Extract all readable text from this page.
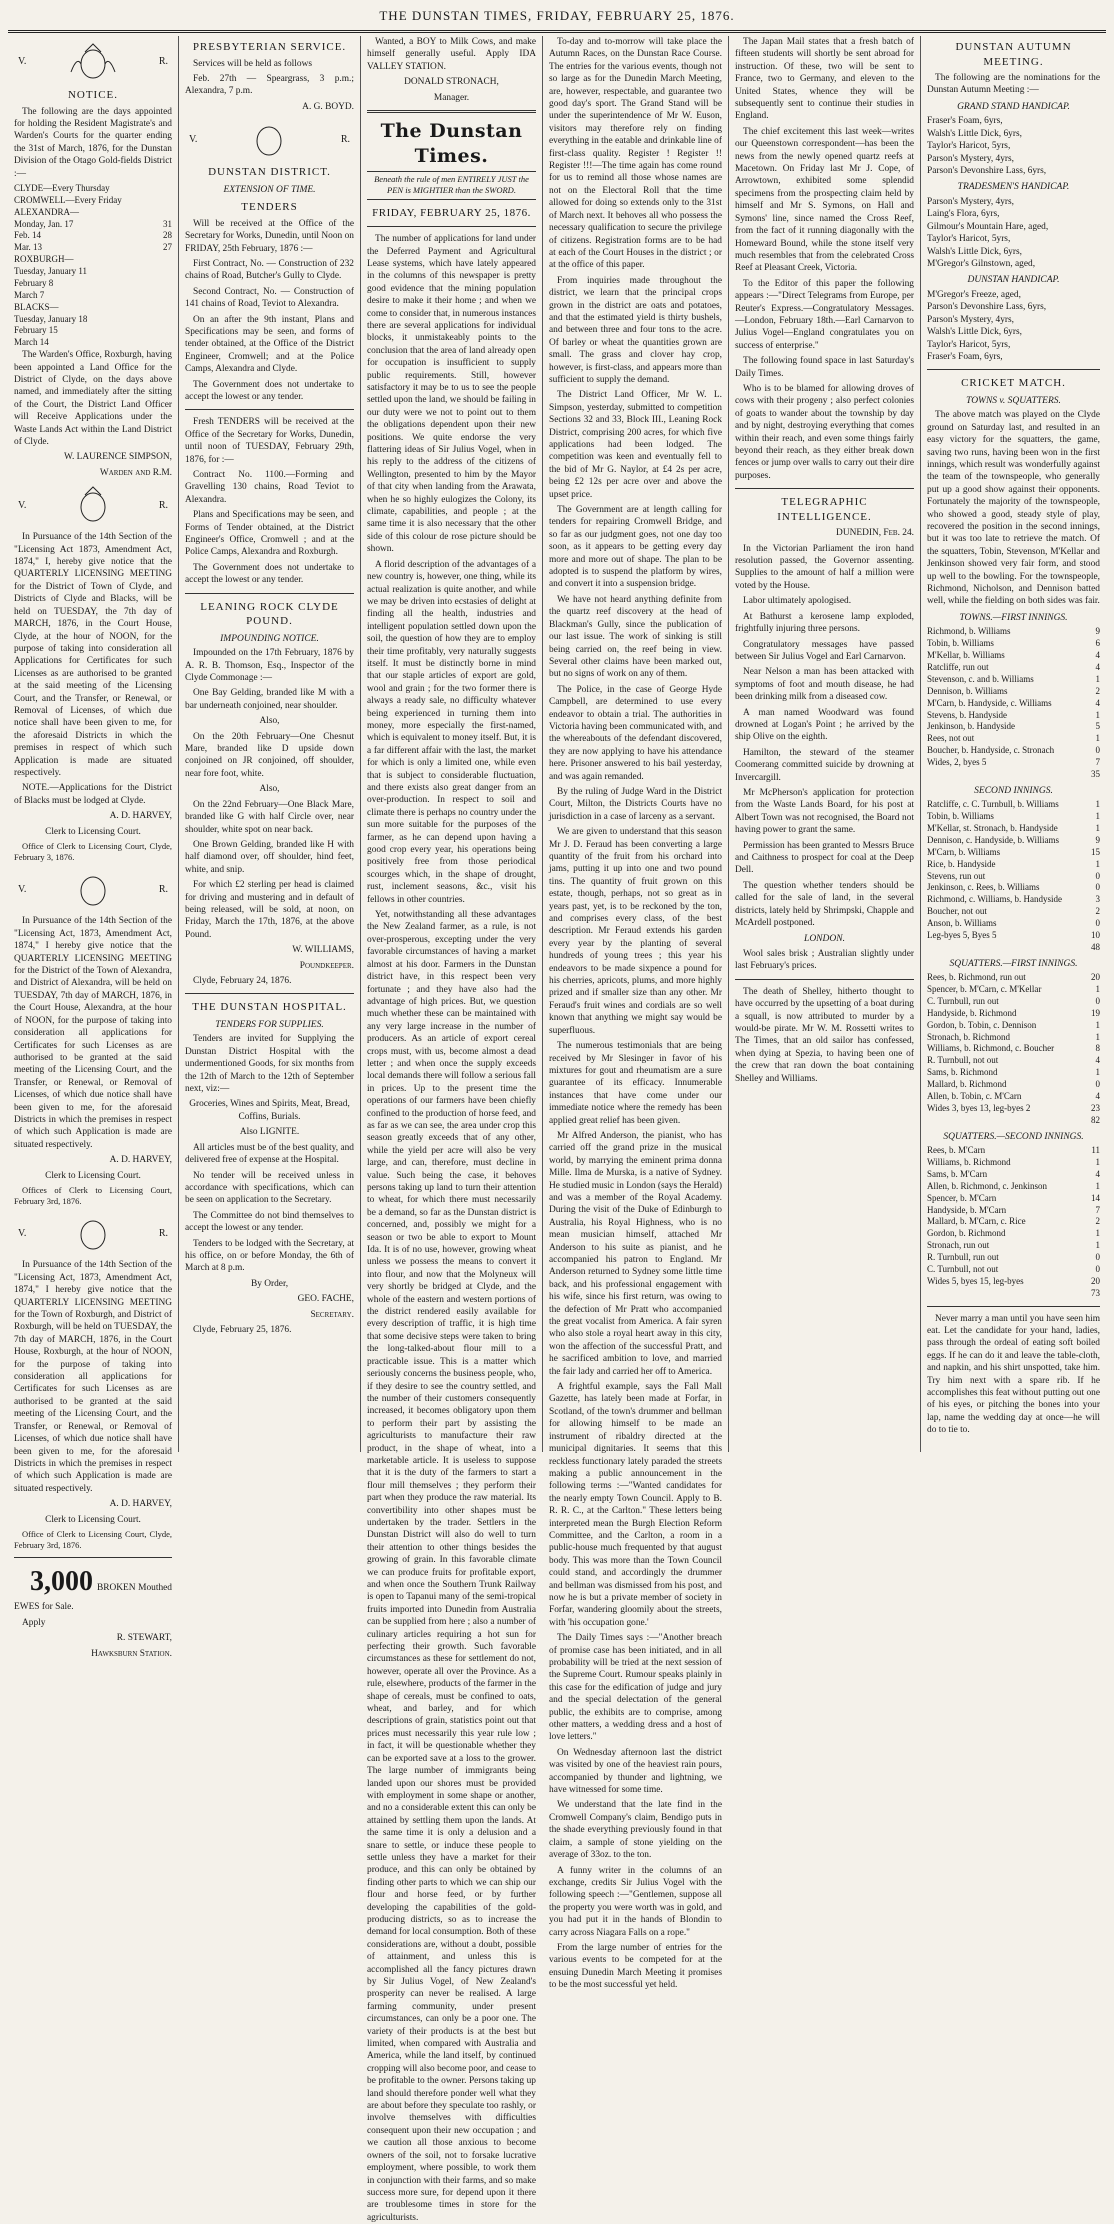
THE DUNSTAN TIMES, FRIDAY, FEBRUARY 25, 1876.
V.	R.
NOTICE.

The following are the days appointed for holding the Resident Magistrate's and Warden's Courts for the quarter ending the 31st of March, 1876, for the Dunstan Division of the Otago Gold-fields District :—

CLYDE—Every Thursday	
CROMWELL—Every Friday	
ALEXANDRA—	
Monday, Jan. 17	31
Feb. 14	28
Mar. 13	27
ROXBURGH—	
Tuesday, January 11	
February 8	
March 7	
BLACKS—	
Tuesday, January 18	
February 15	
March 14	

The Warden's Office, Roxburgh, having been appointed a Land Office for the District of Clyde, on the days above named, and immediately after the sitting of the Court, the District Land Officer will Receive Applications under the Waste Lands Act within the Land District of Clyde.

W. LAURENCE SIMPSON,

Warden and R.M.

V.	R.

In Pursuance of the 14th Section of the "Licensing Act 1873, Amendment Act, 1874," I, hereby give notice that the QUARTERLY LICENSING MEETING for the District of Town of Clyde, and Districts of Clyde and Blacks, will be held on TUESDAY, the 7th day of MARCH, 1876, in the Court House, Clyde, at the hour of NOON, for the purpose of taking into consideration all Applications for Certificates for such Licenses as are authorised to be granted at the said meeting of the Licensing Court, and the Transfer, or Renewal, or Removal of Licenses, of which due notice shall have been given to me, for the aforesaid Districts in which the premises in respect of which such Application is made are situated respectively.

NOTE.—Applications for the District of Blacks must be lodged at Clyde.

A. D. HARVEY,

Clerk to Licensing Court.

Office of Clerk to Licensing Court, Clyde, February 3, 1876.

V.	R.

In Pursuance of the 14th Section of the "Licensing Act, 1873, Amendment Act, 1874," I hereby give notice that the QUARTERLY LICENSING MEETING for the District of the Town of Alexandra, and District of Alexandra, will be held on TUESDAY, 7th day of MARCH, 1876, in the Court House, Alexandra, at the hour of NOON, for the purpose of taking into consideration all applications for Certificates for such Licenses as are authorised to be granted at the said meeting of the Licensing Court, and the Transfer, or Renewal, or Removal of Licenses, of which due notice shall have been given to me, for the aforesaid Districts in which the premises in respect of which such Application is made are situated respectively.

A. D. HARVEY,

Clerk to Licensing Court.

Offices of Clerk to Licensing Court, February 3rd, 1876.

V.	R.

In Pursuance of the 14th Section of the "Licensing Act, 1873, Amendment Act, 1874," I hereby give notice that the QUARTERLY LICENSING MEETING for the Town of Roxburgh, and District of Roxburgh, will be held on TUESDAY, the 7th day of MARCH, 1876, in the Court House, Roxburgh, at the hour of NOON, for the purpose of taking into consideration all applications for Certificates for such Licenses as are authorised to be granted at the said meeting of the Licensing Court, and the Transfer, or Renewal, or Removal of Licenses, of which due notice shall have been given to me, for the aforesaid Districts in which the premises in respect of which such Application is made are situated respectively.

A. D. HARVEY,

Clerk to Licensing Court.

Office of Clerk to Licensing Court, Clyde, February 3rd, 1876.

3,000 BROKEN Mouthed EWES for Sale.

Apply

R. STEWART,

Hawksburn Station.

PRESBYTERIAN SERVICE.

Services will be held as follows

Feb. 27th — Speargrass, 3 p.m.; Alexandra, 7 p.m.

A. G. BOYD.

V.	R.
DUNSTAN DISTRICT.
EXTENSION OF TIME.
TENDERS

Will be received at the Office of the Secretary for Works, Dunedin, until Noon on FRIDAY, 25th February, 1876 :—

First Contract, No. — Construction of 232 chains of Road, Butcher's Gully to Clyde.

Second Contract, No. — Construction of 141 chains of Road, Teviot to Alexandra.

On an after the 9th instant, Plans and Specifications may be seen, and forms of tender obtained, at the Office of the District Engineer, Cromwell; and at the Police Camps, Alexandra and Clyde.

The Government does not undertake to accept the lowest or any tender.

Fresh TENDERS will be received at the Office of the Secretary for Works, Dunedin, until noon of TUESDAY, February 29th, 1876, for :—

Contract No. 1100.—Forming and Gravelling 130 chains, Road Teviot to Alexandra.

Plans and Specifications may be seen, and Forms of Tender obtained, at the District Engineer's Office, Cromwell ; and at the Police Camps, Alexandra and Roxburgh.

The Government does not undertake to accept the lowest or any tender.

LEANING ROCK CLYDE POUND.
IMPOUNDING NOTICE.

Impounded on the 17th February, 1876 by A. R. B. Thomson, Esq., Inspector of the Clyde Commonage :—

One Bay Gelding, branded like M with a bar underneath conjoined, near shoulder.

Also,

On the 20th February—One Chesnut Mare, branded like D upside down conjoined on JR conjoined, off shoulder, near fore foot, white.

Also,

On the 22nd February—One Black Mare, branded like G with half Circle over, near shoulder, white spot on near back.

One Brown Gelding, branded like H with half diamond over, off shoulder, hind feet, white, and snip.

For which £2 sterling per head is claimed for driving and mustering and in default of being released, will be sold, at noon, on Friday, March the 17th, 1876, at the above Pound.

W. WILLIAMS,

Poundkeeper.

Clyde, February 24, 1876.

THE DUNSTAN HOSPITAL.
TENDERS FOR SUPPLIES.

Tenders are invited for Supplying the Dunstan District Hospital with the undermentioned Goods, for six months from the 12th of March to the 12th of September next, viz:—

Groceries, Wines and Spirits, Meat, Bread, Coffins, Burials.

Also LIGNITE.

All articles must be of the best quality, and delivered free of expense at the Hospital.

No tender will be received unless in accordance with specifications, which can be seen on application to the Secretary.

The Committee do not bind themselves to accept the lowest or any tender.

Tenders to be lodged with the Secretary, at his office, on or before Monday, the 6th of March at 8 p.m.

By Order,

GEO. FACHE,

Secretary.

Clyde, February 25, 1876.

Wanted, a BOY to Milk Cows, and make himself generally useful. Apply IDA VALLEY STATION.

DONALD STRONACH,

Manager.

The Dunstan Times.
Beneath the rule of men ENTIRELY JUST the PEN is MIGHTIER than the SWORD.
FRIDAY, FEBRUARY 25, 1876.

The number of applications for land under the Deferred Payment and Agricultural Lease systems, which have lately appeared in the columns of this newspaper is pretty good evidence that the mining population desire to make it their home ; and when we come to consider that, in numerous instances there are several applications for individual blocks, it unmistakeably points to the conclusion that the area of land already open for occupation is insufficient to supply public requirements. Still, however satisfactory it may be to us to see the people settled upon the land, we should be failing in our duty were we not to point out to them the obligations dependent upon their new positions. We quite endorse the very flattering ideas of Sir Julius Vogel, when in his reply to the address of the citizens of Wellington, presented to him by the Mayor of that city when landing from the Arawata, when he so highly eulogizes the Colony, its climate, capabilities, and people ; at the same time it is also necessary that the other side of this colour de rose picture should be shown.

A florid description of the advantages of a new country is, however, one thing, while its actual realization is quite another, and while we may be driven into ecstasies of delight at finding all the health, industries and intelligent population settled down upon the soil, the question of how they are to employ their time profitably, very naturally suggests itself. It must be distinctly borne in mind that our staple articles of export are gold, wool and grain ; for the two former there is always a ready sale, no difficulty whatever being experienced in turning them into money, more especially the first-named, which is equivalent to money itself. But, it is a far different affair with the last, the market for which is only a limited one, while even that is subject to considerable fluctuation, and there exists also great danger from an over-production. In respect to soil and climate there is perhaps no country under the sun more suitable for the purposes of the farmer, as he can depend upon having a good crop every year, his operations being positively free from those periodical scourges which, in the shape of drought, rust, inclement seasons, &c., visit his fellows in other countries.

Yet, notwithstanding all these advantages the New Zealand farmer, as a rule, is not over-prosperous, excepting under the very favorable circumstances of having a market almost at his door. Farmers in the Dunstan district have, in this respect been very fortunate ; and they have also had the advantage of high prices. But, we question much whether these can be maintained with any very large increase in the number of producers. As an article of export cereal crops must, with us, become almost a dead letter ; and when once the supply exceeds local demands there will follow a serious fall in prices. Up to the present time the operations of our farmers have been chiefly confined to the production of horse feed, and as far as we can see, the area under crop this season greatly exceeds that of any other, while the yield per acre will also be very large, and can, therefore, must decline in value. Such being the case, it behoves persons taking up land to turn their attention to wheat, for which there must necessarily be a demand, so far as the Dunstan district is concerned, and, possibly we might for a season or two be able to export to Mount Ida. It is of no use, however, growing wheat unless we possess the means to convert it into flour, and now that the Molyneux will very shortly be bridged at Clyde, and the whole of the eastern and western portions of the district rendered easily available for every description of traffic, it is high time that some decisive steps were taken to bring the long-talked-about flour mill to a practicable issue. This is a matter which seriously concerns the business people, who, if they desire to see the country settled, and the number of their customers consequently increased, it becomes obligatory upon them to perform their part by assisting the agriculturists to manufacture their raw product, in the shape of wheat, into a marketable article. It is useless to suppose that it is the duty of the farmers to start a flour mill themselves ; they perform their part when they produce the raw material. Its convertibility into other shapes must be undertaken by the trader. Settlers in the Dunstan District will also do well to turn their attention to other things besides the growing of grain. In this favorable climate we can produce fruits for profitable export, and when once the Southern Trunk Railway is open to Tapanui many of the semi-tropical fruits imported into Dunedin from Australia can be supplied from here ; also a number of culinary articles requiring a hot sun for perfecting their growth. Such favorable circumstances as these for settlement do not, however, operate all over the Province. As a rule, elsewhere, products of the farmer in the shape of cereals, must be confined to oats, wheat, and barley, and for which descriptions of grain, statistics point out that prices must necessarily this year rule low ; in fact, it will be questionable whether they can be exported save at a loss to the grower. The large number of immigrants being landed upon our shores must be provided with employment in some shape or another, and no a considerable extent this can only be attained by settling them upon the lands. At the same time it is only a delusion and a snare to settle, or induce these people to settle unless they have a market for their produce, and this can only be obtained by finding other parts to which we can ship our flour and horse feed, or by further developing the capabilities of the gold-producing districts, so as to increase the demand for local consumption. Both of these considerations are, without a doubt, possible of attainment, and unless this is accomplished all the fancy pictures drawn by Sir Julius Vogel, of New Zealand's prosperity can never be realised. A large farming community, under present circumstances, can only be a poor one. The variety of their products is at the best but limited, when compared with Australia and America, while the land itself, by continued cropping will also become poor, and cease to be profitable to the owner. Persons taking up land should therefore ponder well what they are about before they speculate too rashly, or involve themselves with difficulties consequent upon their new occupation ; and we caution all those anxious to become owners of the soil, not to forsake lucrative employment, where possible, to work them in conjunction with their farms, and so make success more sure, for depend upon it there are troublesome times in store for the agriculturists.

To-day and to-morrow will take place the Autumn Races, on the Dunstan Race Course. The entries for the various events, though not so large as for the Dunedin March Meeting, are, however, respectable, and guarantee two good day's sport. The Grand Stand will be under the superintendence of Mr W. Euson, visitors may therefore rely on finding everything in the eatable and drinkable line of first-class quality. Register ! Register !! Register !!!—The time again has come round for us to remind all those whose names are not on the Electoral Roll that the time allowed for doing so extends only to the 31st of March next. It behoves all who possess the necessary qualification to secure the privilege of citizens. Registration forms are to be had at each of the Court Houses in the district ; or at the office of this paper.

From inquiries made throughout the district, we learn that the principal crops grown in the district are oats and potatoes, and that the estimated yield is thirty bushels, and between three and four tons to the acre. Of barley or wheat the quantities grown are small. The grass and clover hay crop, however, is first-class, and appears more than sufficient to supply the demand.

The District Land Officer, Mr W. L. Simpson, yesterday, submitted to competition Sections 32 and 33, Block III., Leaning Rock District, comprising 200 acres, for which five applications had been lodged. The competition was keen and eventually fell to the bid of Mr G. Naylor, at £4 2s per acre, being £2 12s per acre over and above the upset price.

The Government are at length calling for tenders for repairing Cromwell Bridge, and so far as our judgment goes, not one day too soon, as it appears to be getting every day more and more out of shape. The plan to be adopted is to suspend the platform by wires, and convert it into a suspension bridge.

We have not heard anything definite from the quartz reef discovery at the head of Blackman's Gully, since the publication of our last issue. The work of sinking is still being carried on, the reef being in view. Several other claims have been marked out, but no signs of work on any of them.

The Police, in the case of George Hyde Campbell, are determined to use every endeavor to obtain a trial. The authorities in Victoria having been communicated with, and the whereabouts of the defendant discovered, they are now applying to have his attendance here. Prisoner answered to his bail yesterday, and was again remanded.

By the ruling of Judge Ward in the District Court, Milton, the Districts Courts have no jurisdiction in a case of larceny as a servant.

We are given to understand that this season Mr J. D. Feraud has been converting a large quantity of the fruit from his orchard into jams, putting it up into one and two pound tins. The quantity of fruit grown on this estate, though, perhaps, not so great as in years past, yet, is to be reckoned by the ton, and comprises every class, of the best description. Mr Feraud extends his garden every year by the planting of several hundreds of young trees ; this year his endeavors to be made sixpence a pound for his cherries, apricots, plums, and more highly prized and if smaller size than any other. Mr Feraud's fruit wines and cordials are so well known that anything we might say would be superfluous.

The numerous testimonials that are being received by Mr Slesinger in favor of his mixtures for gout and rheumatism are a sure guarantee of its efficacy. Innumerable instances that have come under our immediate notice where the remedy has been applied great relief has been given.

Mr Alfred Anderson, the pianist, who has carried off the grand prize in the musical world, by marrying the eminent prima donna Mille. Ilma de Murska, is a native of Sydney. He studied music in London (says the Herald) and was a member of the Royal Academy. During the visit of the Duke of Edinburgh to Australia, his Royal Highness, who is no mean musician himself, attached Mr Anderson to his suite as pianist, and he accompanied his patron to England. Mr Anderson returned to Sydney some little time back, and his professional engagement with his wife, since his first return, was owing to the defection of Mr Pratt who accompanied the great vocalist from America. A fair syren who also stole a royal heart away in this city, won the affection of the successful Pratt, and he sacrificed ambition to love, and married the fair lady and carried her off to America.

A frightful example, says the Fall Mall Gazette, has lately been made at Forfar, in Scotland, of the town's drummer and bellman for allowing himself to be made an instrument of ribaldry directed at the municipal dignitaries. It seems that this reckless functionary lately paraded the streets making a public announcement in the following terms :—"Wanted candidates for the nearly empty Town Council. Apply to B. R. R. C., at the Carlton." These letters being interpreted mean the Burgh Election Reform Committee, and the Carlton, a room in a public-house much frequented by that august body. This was more than the Town Council could stand, and accordingly the drummer and bellman was dismissed from his post, and now he is but a private member of society in Forfar, wandering gloomily about the streets, with 'his occupation gone.'

The Daily Times says :—"Another breach of promise case has been initiated, and in all probability will be tried at the next session of the Supreme Court. Rumour speaks plainly in this case for the edification of judge and jury and the special delectation of the general public, the exhibits are to comprise, among other matters, a wedding dress and a host of love letters."

On Wednesday afternoon last the district was visited by one of the heaviest rain pours, accompanied by thunder and lightning, we have witnessed for some time.

We understand that the late find in the Cromwell Company's claim, Bendigo puts in the shade everything previously found in that claim, a sample of stone yielding on the average of 33oz. to the ton.

A funny writer in the columns of an exchange, credits Sir Julius Vogel with the following speech :—"Gentlemen, suppose all the property you were worth was in gold, and you had put it in the hands of Blondin to carry across Niagara Falls on a rope."

From the large number of entries for the various events to be competed for at the ensuing Dunedin March Meeting it promises to be the most successful yet held.

The Japan Mail states that a fresh batch of fifteen students will shortly be sent abroad for instruction. Of these, two will be sent to France, two to Germany, and eleven to the United States, whence they will be subsequently sent to continue their studies in England.

The chief excitement this last week—writes our Queenstown correspondent—has been the news from the newly opened quartz reefs at Macetown. On Friday last Mr J. Cope, of Arrowtown, exhibited some splendid specimens from the prospecting claim held by himself and Mr S. Symons, on Hall and Symons' line, since named the Cross Reef, from the fact of it running diagonally with the Homeward Bound, while the stone itself very much resembles that from the celebrated Cross Reef at Pleasant Creek, Victoria.

To the Editor of this paper the following appears :—"Direct Telegrams from Europe, per Reuter's Express.—Congratulatory Messages.—London, February 18th.—Earl Carnarvon to Julius Vogel—England congratulates you on success of enterprise."

The following found space in last Saturday's Daily Times.

Who is to be blamed for allowing droves of cows with their progeny ; also perfect colonies of goats to wander about the township by day and by night, destroying everything that comes within their reach, and even some things fairly beyond their reach, as they either break down fences or jump over walls to carry out their dire purposes.

TELEGRAPHIC INTELLIGENCE.

DUNEDIN, Feb. 24.

In the Victorian Parliament the iron hand resolution passed, the Governor assenting. Supplies to the amount of half a million were voted by the House.

Labor ultimately apologised.

At Bathurst a kerosene lamp exploded, frightfully injuring three persons.

Congratulatory messages have passed between Sir Julius Vogel and Earl Carnarvon.

Near Nelson a man has been attacked with symptoms of foot and mouth disease, he had been drinking milk from a diseased cow.

A man named Woodward was found drowned at Logan's Point ; he arrived by the ship Olive on the eighth.

Hamilton, the steward of the steamer Coomerang committed suicide by drowning at Invercargill.

Mr McPherson's application for protection from the Waste Lands Board, for his post at Albert Town was not recognised, the Board not having power to grant the same.

Permission has been granted to Messrs Bruce and Caithness to prospect for coal at the Deep Dell.

The question whether tenders should be called for the sale of land, in the several districts, lately held by Shrimpski, Chapple and McArdell postponed.

LONDON.

Wool sales brisk ; Australian slightly under last February's prices.

The death of Shelley, hitherto thought to have occurred by the upsetting of a boat during a squall, is now attributed to murder by a would-be pirate. Mr W. M. Rossetti writes to The Times, that an old sailor has confessed, when dying at Spezia, to having been one of the crew that ran down the boat containing Shelley and Williams.

DUNSTAN AUTUMN MEETING.

The following are the nominations for the Dunstan Autumn Meeting :—

GRAND STAND HANDICAP.

Fraser's Foam, 6yrs,

Walsh's Little Dick, 6yrs,

Taylor's Haricot, 5yrs,

Parson's Mystery, 4yrs,

Parson's Devonshire Lass, 6yrs,

TRADESMEN'S HANDICAP.

Parson's Mystery, 4yrs,

Laing's Flora, 6yrs,

Gilmour's Mountain Hare, aged,

Taylor's Haricot, 5yrs,

Walsh's Little Dick, 6yrs,

M'Gregor's Gilnstown, aged,

DUNSTAN HANDICAP.

M'Gregor's Freeze, aged,

Parson's Devonshire Lass, 6yrs,

Parson's Mystery, 4yrs,

Walsh's Little Dick, 6yrs,

Taylor's Haricot, 5yrs,

Fraser's Foam, 6yrs,

CRICKET MATCH.
TOWNS v. SQUATTERS.

The above match was played on the Clyde ground on Saturday last, and resulted in an easy victory for the squatters, the game, saving two runs, having been won in the first innings, which result was wonderfully against the team of the townspeople, who generally put up a good show against their opponents. Fortunately the majority of the townspeople, who showed a good, steady style of play, recovered the position in the second innings, but it was too late to retrieve the match. Of the squatters, Tobin, Stevenson, M'Kellar and Jenkinson showed very fair form, and stood up well to the bowling. For the townspeople, Richmond, Nicholson, and Dennison batted well, while the fielding on both sides was fair.

TOWNS.—FIRST INNINGS.
Richmond, b. Williams	9
Tobin, b. Williams	6
M'Kellar, b. Williams	4
Ratcliffe, run out	4
Stevenson, c. and b. Williams	1
Dennison, b. Williams	2
M'Carn, b. Handyside, c. Williams	4
Stevens, b. Handyside	1
Jenkinson, b. Handyside	5
Rees, not out	1
Boucher, b. Handyside, c. Stronach	0
Wides, 2, byes 5	7
	35
SECOND INNINGS.
Ratcliffe, c. C. Turnbull, b. Williams	1
Tobin, b. Williams	1
M'Kellar, st. Stronach, b. Handyside	1
Dennison, c. Handyside, b. Williams	9
M'Carn, b. Williams	15
Rice, b. Handyside	1
Stevens, run out	0
Jenkinson, c. Rees, b. Williams	0
Richmond, c. Williams, b. Handyside	3
Boucher, not out	2
Anson, b. Williams	0
Leg-byes 5, Byes 5	10
	48
SQUATTERS.—FIRST INNINGS.
Rees, b. Richmond, run out	20
Spencer, b. M'Carn, c. M'Kellar	1
C. Turnbull, run out	0
Handyside, b. Richmond	19
Gordon, b. Tobin, c. Dennison	1
Stronach, b. Richmond	1
Williams, b. Richmond, c. Boucher	8
R. Turnbull, not out	4
Sams, b. Richmond	1
Mallard, b. Richmond	0
Allen, b. Tobin, c. M'Carn	4
Wides 3, byes 13, leg-byes 2	23
	82
SQUATTERS.—SECOND INNINGS.
Rees, b. M'Carn	11
Williams, b. Richmond	1
Sams, b. M'Carn	4
Allen, b. Richmond, c. Jenkinson	1
Spencer, b. M'Carn	14
Handyside, b. M'Carn	7
Mallard, b. M'Carn, c. Rice	2
Gordon, b. Richmond	1
Stronach, run out	1
R. Turnbull, run out	0
C. Turnbull, not out	0
Wides 5, byes 15, leg-byes	20
	73

Never marry a man until you have seen him eat. Let the candidate for your hand, ladies, pass through the ordeal of eating soft boiled eggs. If he can do it and leave the table-cloth, and napkin, and his shirt unspotted, take him. Try him next with a spare rib. If he accomplishes this feat without putting out one of his eyes, or pitching the bones into your lap, name the wedding day at once—he will do to tie to.
